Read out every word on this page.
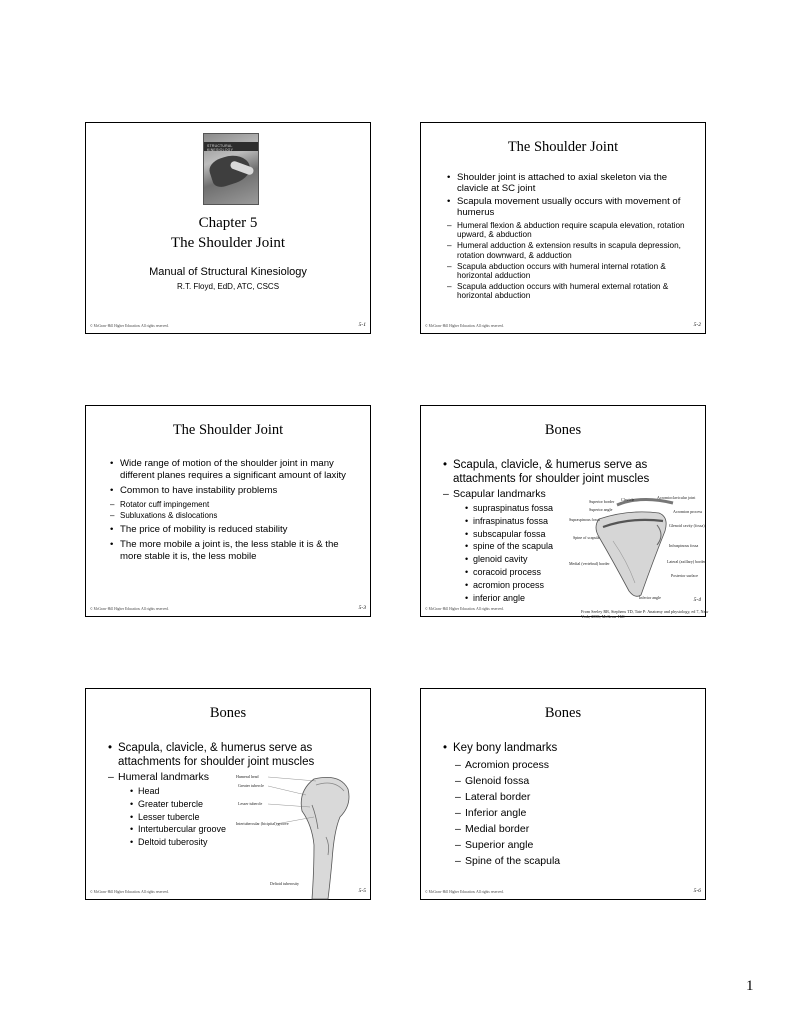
STRUCTURAL KINESIOLOGY
Chapter 5
The Shoulder Joint
Manual of Structural Kinesiology
R.T. Floyd, EdD, ATC, CSCS
© McGraw-Hill Higher Education. All rights reserved.	5-1
The Shoulder Joint
• Shoulder joint is attached to axial skeleton via the clavicle at SC joint
• Scapula movement usually occurs with movement of humerus
– Humeral flexion & abduction require scapula elevation, rotation upward, & abduction
– Humeral adduction & extension results in scapula depression, rotation downward, & adduction
– Scapula abduction occurs with humeral internal rotation & horizontal adduction
– Scapula adduction occurs with humeral external rotation & horizontal abduction
© McGraw-Hill Higher Education. All rights reserved.	5-2
The Shoulder Joint
• Wide range of motion of the shoulder joint in many different planes requires a significant amount of laxity
• Common to have instability problems
– Rotator cuff impingement
– Subluxations & dislocations
• The price of mobility is reduced stability
• The more mobile a joint is, the less stable it is & the more stable it is, the less mobile
© McGraw-Hill Higher Education. All rights reserved.	5-3
Bones
• Scapula, clavicle, & humerus serve as attachments for shoulder joint muscles
– Scapular landmarks
• supraspinatus fossa
• infraspinatus fossa
• subscapular fossa
• spine of the scapula
• glenoid cavity
• coracoid process
• acromion process
• inferior angle
Clavicle	Acromioclavicular joint
Superior border
Superior angle	Acromion process
Supraspinous fossa
Glenoid cavity (fossa)
Spine of scapula
Infraspinous fossa
Medial (vertebral) border	Lateral (axillary) border
Posterior surface
Inferior angle
© McGraw-Hill Higher Education. All rights reserved.	From Seeley RR, Stephens TD, Tate P: Anatomy and physiology, ed 7, New York, 2006, McGraw-Hill
5-4
Bones
• Scapula, clavicle, & humerus serve as attachments for shoulder joint muscles
– Humeral landmarks
• Head
• Greater tubercle
• Lesser tubercle
• Intertubercular groove
• Deltoid tuberosity
Humeral head
Greater tubercle
Lesser tubercle
Intertubercular (bicipital) groove
Deltoid tuberosity
© McGraw-Hill Higher Education. All rights reserved.	5-5
Bones
• Key bony landmarks
– Acromion process
– Glenoid fossa
– Lateral border
– Inferior angle
– Medial border
– Superior angle
– Spine of the scapula
© McGraw-Hill Higher Education. All rights reserved.	5-6
1
